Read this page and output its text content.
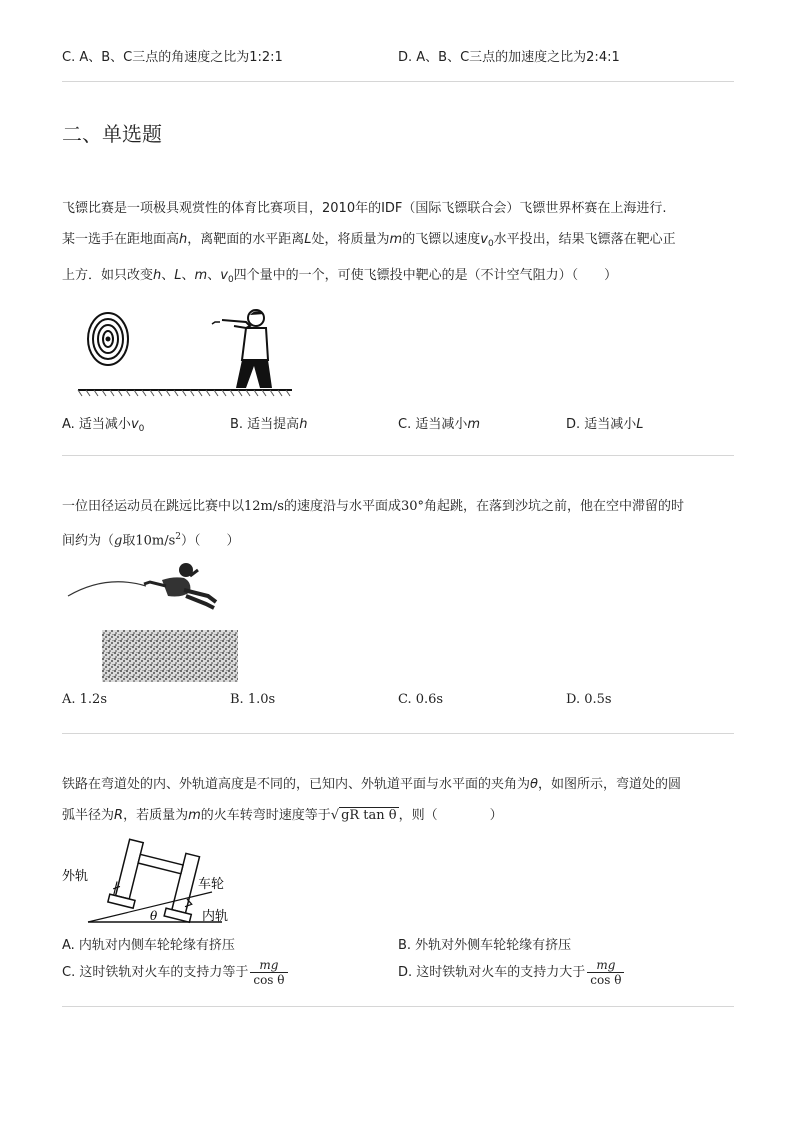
C. A、B、C三点的角速度之比为1:2:1	D. A、B、C三点的加速度之比为2:4:1
二、单选题
飞镖比赛是一项极具观赏性的体育比赛项目，2010年的IDF（国际飞镖联合会）飞镖世界杯赛在上海进行.
某一选手在距地面高h，离靶面的水平距离L处，将质量为m的飞镖以速度$v_0$水平投出，结果飞镖落在靶心正
上方．如只改变h、L、m、$v_0$四个量中的一个，可使飞镖投中靶心的是（不计空气阻力）（　　）
A. 适当减小$v_0$	B. 适当提高h	C. 适当减小m	D. 适当减小L
一位田径运动员在跳远比赛中以12m/s的速度沿与水平面成30°角起跳，在落到沙坑之前，他在空中滞留的时
间约为（g取$10m/s^2$）（　　）
A. 1.2s	B. 1.0s	C. 0.6s	D. 0.5s
铁路在弯道处的内、外轨道高度是不同的，已知内、外轨道平面与水平面的夹角为θ，如图所示，弯道处的圆
弧半径为R，若质量为m的火车转弯时速度等于√ gR tan θ ，则（　　　　）
θ
外轨
车轮
内轨
A. 内轨对内侧车轮轮缘有挤压	B. 外轨对外侧车轮轮缘有挤压
C. 这时铁轨对火车的支持力等于 $\frac{mg}{\text{cos θ}}$	D. 这时铁轨对火车的支持力大于 $\frac{mg}{\text{cos θ}}$
